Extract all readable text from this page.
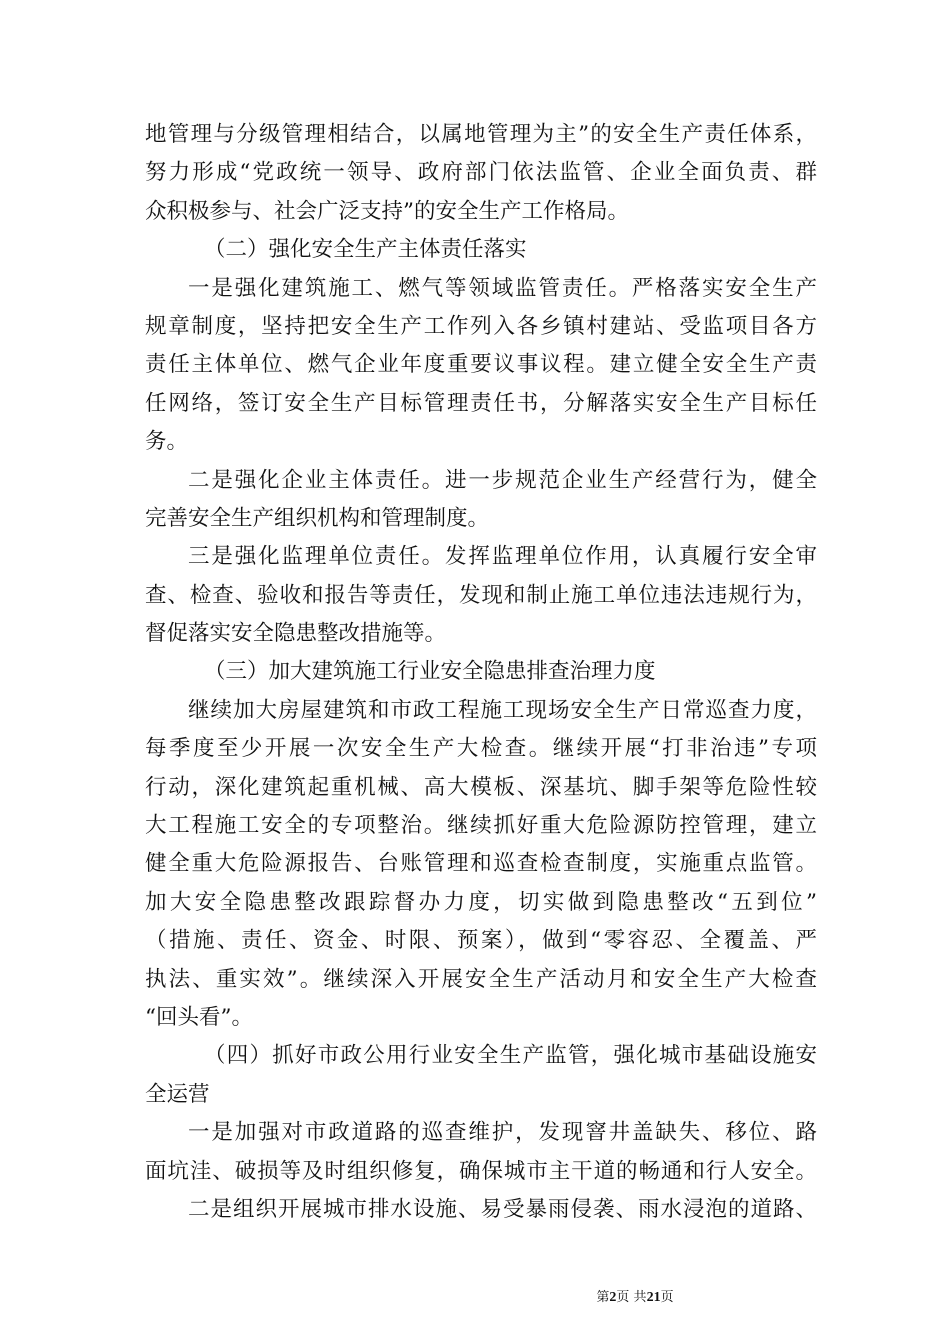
地管理与分级管理相结合，以属地管理为主”的安全生产责任体系，
努力形成“党政统一领导、政府部门依法监管、企业全面负责、群
众积极参与、社会广泛支持”的安全生产工作格局。
（二）强化安全生产主体责任落实
一是强化建筑施工、燃气等领域监管责任。严格落实安全生产
规章制度，坚持把安全生产工作列入各乡镇村建站、受监项目各方
责任主体单位、燃气企业年度重要议事议程。建立健全安全生产责
任网络，签订安全生产目标管理责任书，分解落实安全生产目标任
务。
二是强化企业主体责任。进一步规范企业生产经营行为，健全
完善安全生产组织机构和管理制度。
三是强化监理单位责任。发挥监理单位作用，认真履行安全审
查、检查、验收和报告等责任，发现和制止施工单位违法违规行为，
督促落实安全隐患整改措施等。
（三）加大建筑施工行业安全隐患排查治理力度
继续加大房屋建筑和市政工程施工现场安全生产日常巡查力度，
每季度至少开展一次安全生产大检查。继续开展“打非治违”专项
行动，深化建筑起重机械、高大模板、深基坑、脚手架等危险性较
大工程施工安全的专项整治。继续抓好重大危险源防控管理，建立
健全重大危险源报告、台账管理和巡查检查制度，实施重点监管。
加大安全隐患整改跟踪督办力度，切实做到隐患整改“五到位”
（措施、责任、资金、时限、预案），做到“零容忍、全覆盖、严
执法、重实效”。继续深入开展安全生产活动月和安全生产大检查
“回头看”。
（四）抓好市政公用行业安全生产监管，强化城市基础设施安
全运营
一是加强对市政道路的巡查维护，发现窨井盖缺失、移位、路
面坑洼、破损等及时组织修复，确保城市主干道的畅通和行人安全。
二是组织开展城市排水设施、易受暴雨侵袭、雨水浸泡的道路、
第2页 共21页
